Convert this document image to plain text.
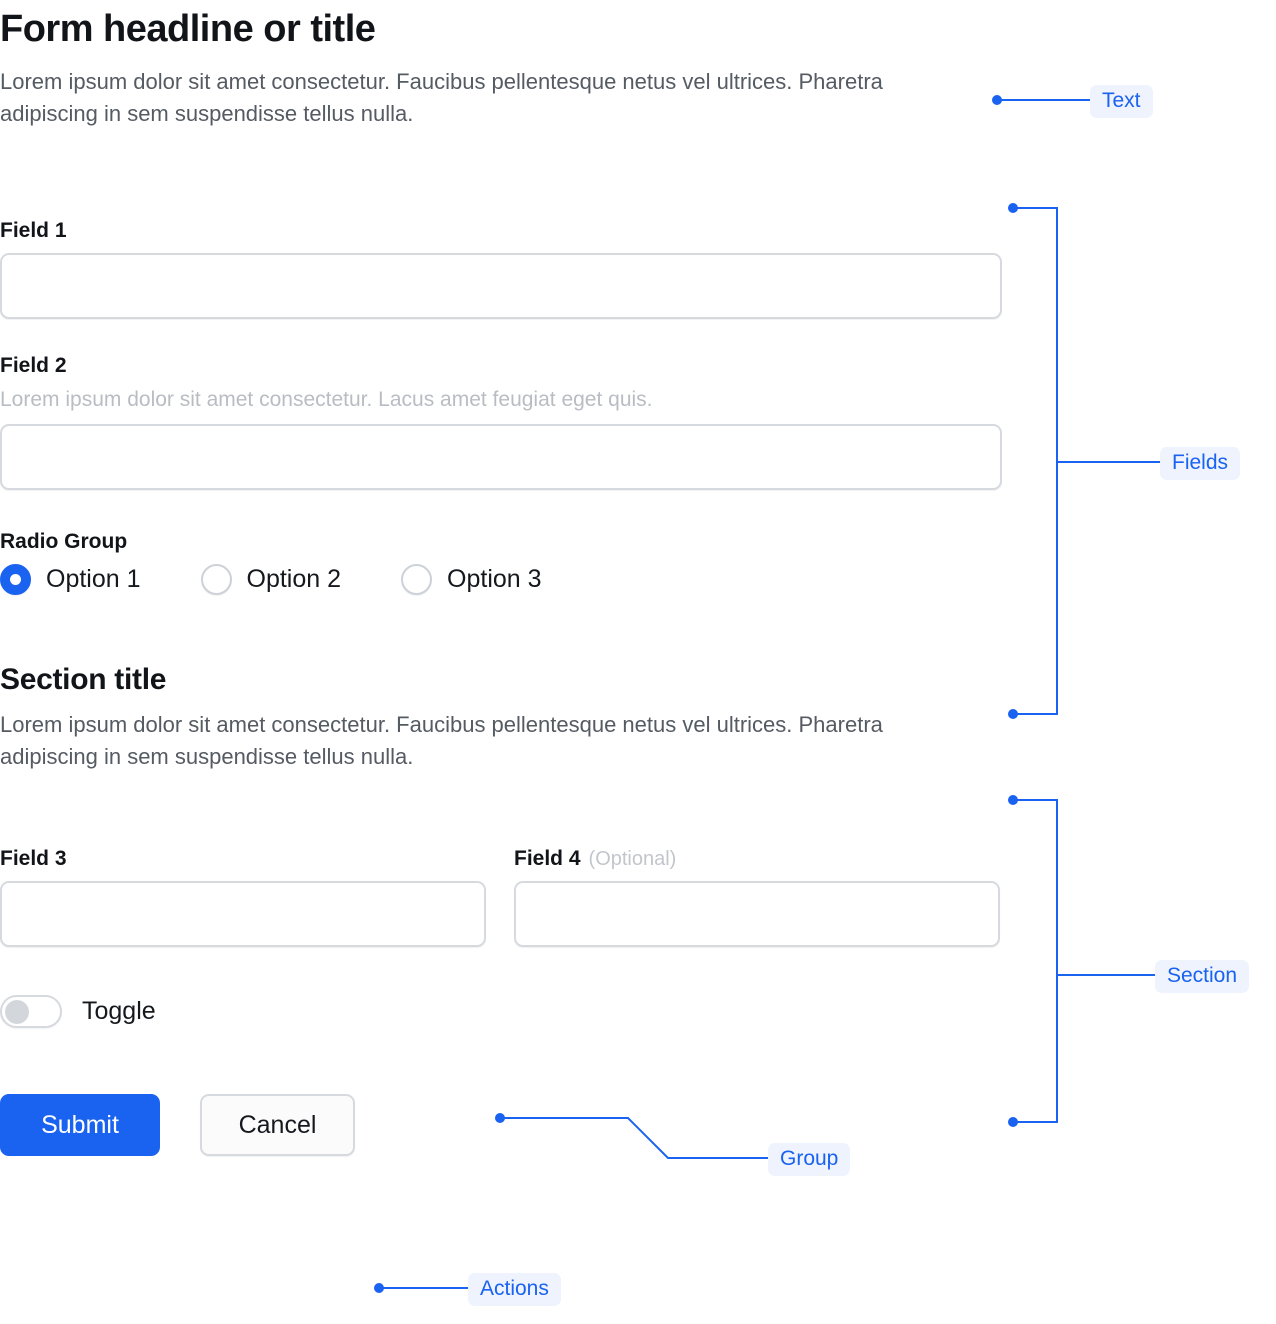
Form headline or title

Lorem ipsum dolor sit amet consectetur. Faucibus pellentesque netus vel ultrices. Pharetra adipiscing in sem suspendisse tellus nulla.

Field 1
Field 2
Lorem ipsum dolor sit amet consectetur. Lacus amet feugiat eget quis.
Radio Group
Option 1	Option 2	Option 3
Section title

Lorem ipsum dolor sit amet consectetur. Faucibus pellentesque netus vel ultrices. Pharetra adipiscing in sem suspendisse tellus nulla.

Field 3	Field 4 (Optional)
Toggle
Submit	Cancel
Text
Fields
Section
Group
Actions
